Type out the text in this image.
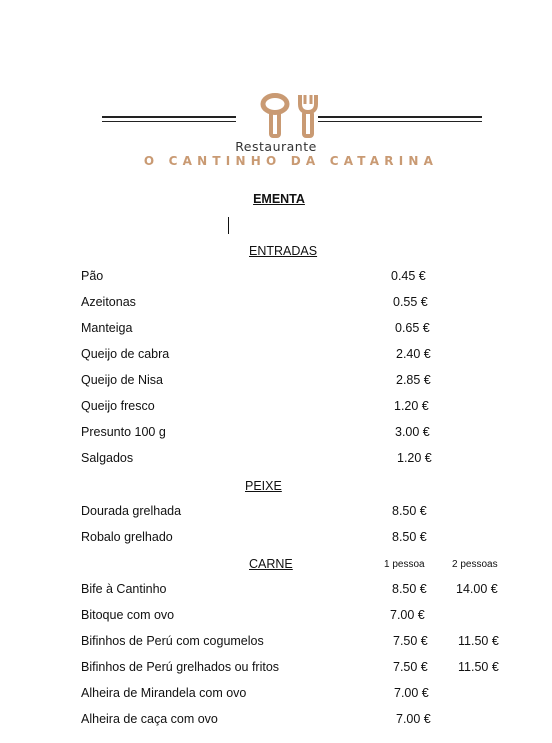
Restaurante
O CANTINHO DA CATARINA
EMENTA
ENTRADAS
Pão	0.45 €
Azeitonas	0.55 €
Manteiga	0.65 €
Queijo de cabra	2.40 €
Queijo de Nisa	2.85 €
Queijo fresco	1.20 €
Presunto 100 g	3.00 €
Salgados	1.20 €
PEIXE
Dourada grelhada	8.50 €
Robalo grelhado	8.50 €
CARNE	1 pessoa	2 pessoas
Bife à Cantinho	8.50 € 14.00 €
Bitoque com ovo	7.00 €
Bifinhos de Perú com cogumelos	7.50 € 11.50 €
Bifinhos de Perú grelhados ou fritos	7.50 € 11.50 €
Alheira de Mirandela com ovo	7.00 €
Alheira de caça com ovo	7.00 €
